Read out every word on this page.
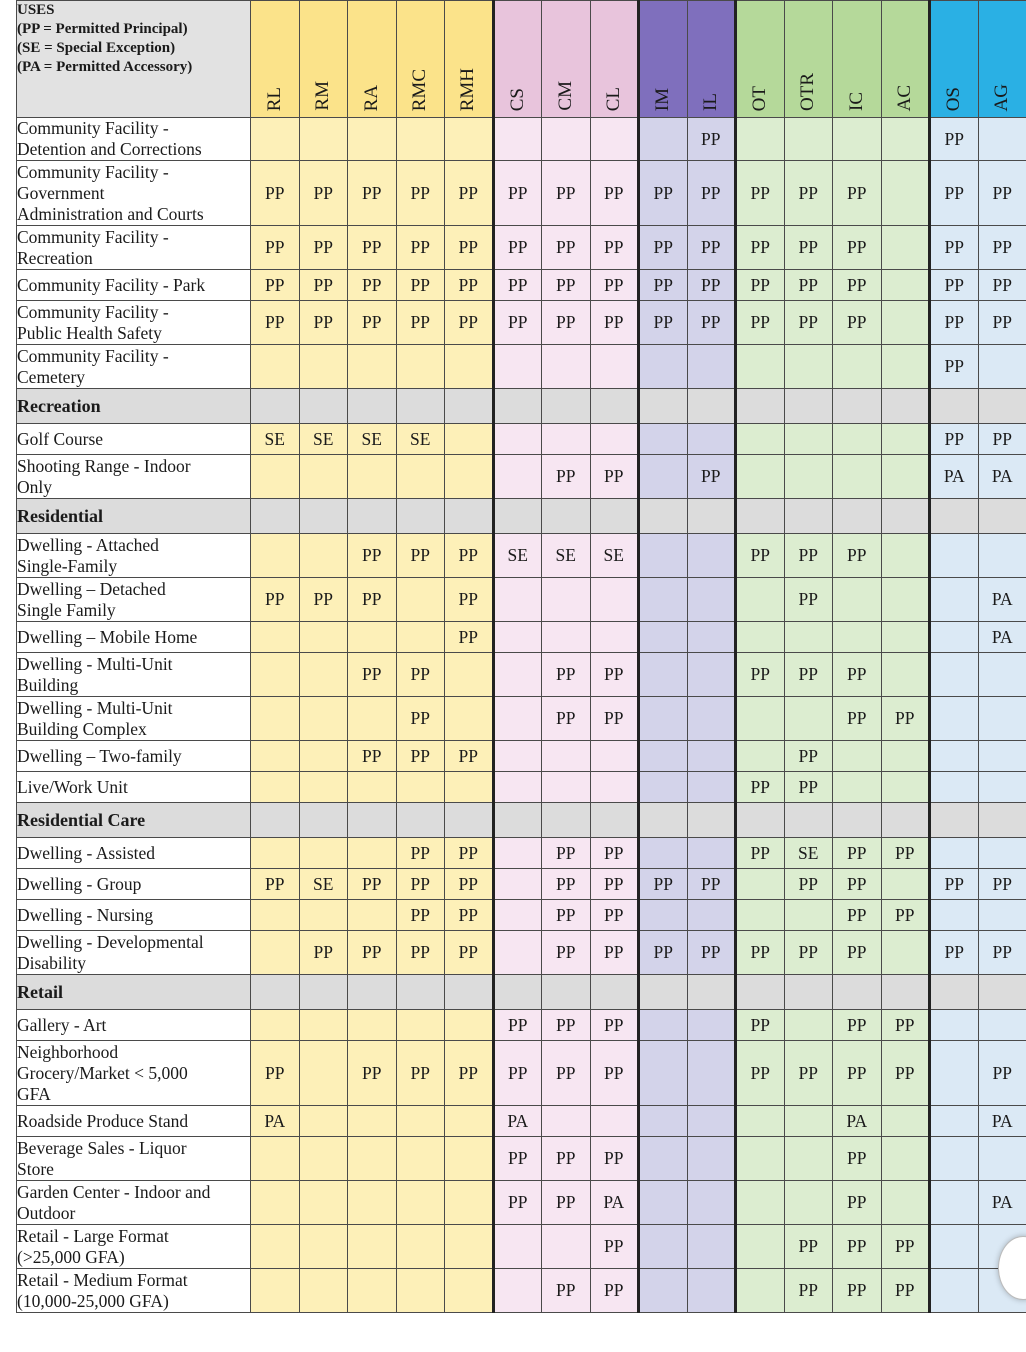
USES
(PP = Permitted Principal)
(SE = Special Exception)
(PA = Permitted Accessory)	RL	RM	RA	RMC	RMH	CS	CM	CL	IM	IL	OT	OTR	IC	AC	OS	AG

Community Facility -
Detention and Corrections										PP					PP	

Community Facility -
Government
Administration and Courts	PP	PP	PP	PP	PP	PP	PP	PP	PP	PP	PP	PP	PP		PP	PP

Community Facility -
Recreation	PP	PP	PP	PP	PP	PP	PP	PP	PP	PP	PP	PP	PP		PP	PP

Community Facility - Park	PP	PP	PP	PP	PP	PP	PP	PP	PP	PP	PP	PP	PP		PP	PP

Community Facility -
Public Health Safety	PP	PP	PP	PP	PP	PP	PP	PP	PP	PP	PP	PP	PP		PP	PP

Community Facility -
Cemetery															PP	
Recreation																

Golf Course	SE	SE	SE	SE											PP	PP

Shooting Range - Indoor
Only							PP	PP		PP					PA	PA
Residential																

Dwelling - Attached
Single-Family			PP	PP	PP	SE	SE	SE			PP	PP	PP			

Dwelling – Detached
Single Family	PP	PP	PP		PP							PP				PA

Dwelling – Mobile Home					PP											PA

Dwelling - Multi-Unit
Building			PP	PP			PP	PP			PP	PP	PP			

Dwelling - Multi-Unit
Building Complex				PP			PP	PP					PP	PP		

Dwelling – Two-family			PP	PP	PP							PP				

Live/Work Unit											PP	PP				
Residential Care																

Dwelling - Assisted				PP	PP		PP	PP			PP	SE	PP	PP		

Dwelling - Group	PP	SE	PP	PP	PP		PP	PP	PP	PP		PP	PP		PP	PP

Dwelling - Nursing				PP	PP		PP	PP					PP	PP		

Dwelling - Developmental
Disability		PP	PP	PP	PP		PP	PP	PP	PP	PP	PP	PP		PP	PP
Retail																

Gallery - Art						PP	PP	PP			PP		PP	PP		

Neighborhood
Grocery/Market < 5,000
GFA	PP		PP	PP	PP	PP	PP	PP			PP	PP	PP	PP		PP

Roadside Produce Stand	PA					PA							PA			PA

Beverage Sales - Liquor
Store						PP	PP	PP					PP			

Garden Center - Indoor and
Outdoor						PP	PP	PA					PP			PA

Retail - Large Format
(>25,000 GFA)								PP				PP	PP	PP		

Retail - Medium Format
(10,000-25,000 GFA)							PP	PP				PP	PP	PP		
